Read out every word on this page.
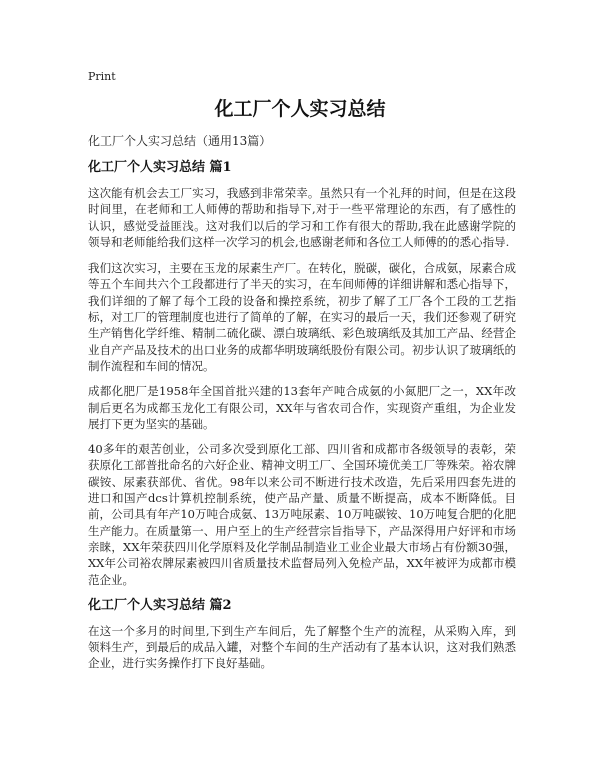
Print
化工厂个人实习总结

化工厂个人实习总结（通用13篇）

化工厂个人实习总结 篇1

这次能有机会去工厂实习，我感到非常荣幸。虽然只有一个礼拜的时间，但是在这段时间里，在老师和工人师傅的帮助和指导下,对于一些平常理论的东西，有了感性的认识，感觉受益匪浅。这对我们以后的学习和工作有很大的帮助,我在此感谢学院的领导和老师能给我们这样一次学习的机会,也感谢老师和各位工人师傅的的悉心指导.

我们这次实习，主要在玉龙的尿素生产厂。在转化，脱碳，碳化，合成氨，尿素合成等五个车间共六个工段都进行了半天的实习，在车间师傅的详细讲解和悉心指导下，我们详细的了解了每个工段的设备和操控系统，初步了解了工厂各个工段的工艺指标，对工厂的管理制度也进行了简单的了解，在实习的最后一天，我们还参观了研究生产销售化学纤维、精制二硫化碳、漂白玻璃纸、彩色玻璃纸及其加工产品、经营企业自产产品及技术的出口业务的成都华明玻璃纸股份有限公司。初步认识了玻璃纸的制作流程和车间的情况。

成都化肥厂是1958年全国首批兴建的13套年产吨合成氨的小氮肥厂之一，XX年改制后更名为成都玉龙化工有限公司，XX年与省农司合作，实现资产重组，为企业发展打下更为坚实的基础。

40多年的艰苦创业，公司多次受到原化工部、四川省和成都市各级领导的表彰，荣获原化工部普批命名的六好企业、精神文明工厂、全国环境优美工厂等殊荣。裕农牌碳铵、尿素获部优、省优。98年以来公司不断进行技术改造，先后采用四套先进的进口和国产dcs计算机控制系统，使产品产量、质量不断提高，成本不断降低。目前，公司具有年产10万吨合成氨、13万吨尿素、10万吨碳铵、10万吨复合肥的化肥生产能力。在质量第一、用户至上的生产经营宗旨指导下，产品深得用户好评和市场亲睐，XX年荣获四川化学原料及化学制品制造业工业企业最大市场占有份额30强，XX年公司裕农牌尿素被四川省质量技术监督局列入免检产品，XX年被评为成都市模范企业。

化工厂个人实习总结 篇2

在这一个多月的时间里,下到生产车间后，先了解整个生产的流程，从采购入库，到领料生产，到最后的成品入罐，对整个车间的生产活动有了基本认识，这对我们熟悉企业，进行实务操作打下良好基础。
